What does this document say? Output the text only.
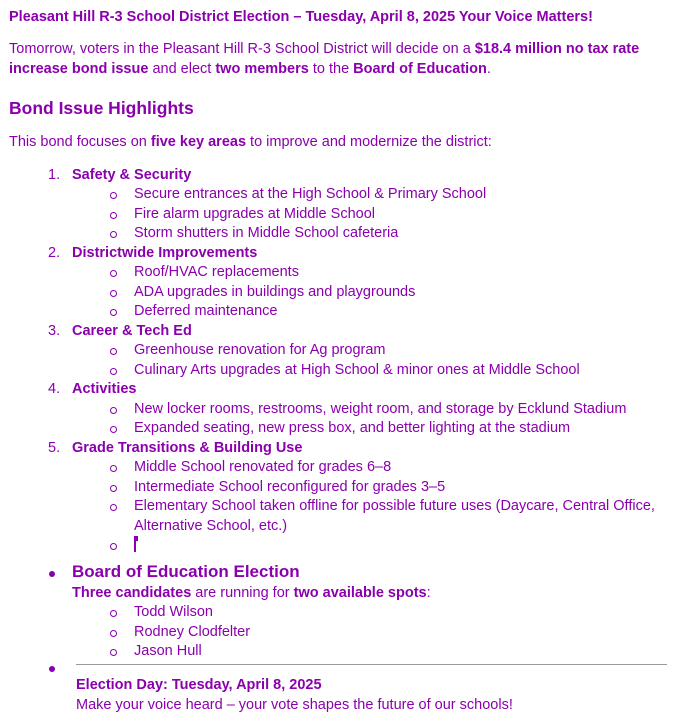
Pleasant Hill R-3 School District Election – Tuesday, April 8, 2025 Your Voice Matters!

Tomorrow, voters in the Pleasant Hill R-3 School District will decide on a $18.4 million no tax rate increase bond issue and elect two members to the Board of Education.

Bond Issue Highlights

This bond focuses on five key areas to improve and modernize the district:

1. Safety & Security
Secure entrances at the High School & Primary School
Fire alarm upgrades at Middle School
Storm shutters in Middle School cafeteria
2. Districtwide Improvements
Roof/HVAC replacements
ADA upgrades in buildings and playgrounds
Deferred maintenance
3. Career & Tech Ed
Greenhouse renovation for Ag program
Culinary Arts upgrades at High School & minor ones at Middle School
4. Activities
New locker rooms, restrooms, weight room, and storage by Ecklund Stadium
Expanded seating, new press box, and better lighting at the stadium
5. Grade Transitions & Building Use
Middle School renovated for grades 6–8
Intermediate School reconfigured for grades 3–5
Elementary School taken offline for possible future uses (Daycare, Central Office, Alternative School, etc.)

Board of Education Election

Three candidates are running for two available spots:

Todd Wilson
Rodney Clodfelter
Jason Hull

Election Day: Tuesday, April 8, 2025

Make your voice heard – your vote shapes the future of our schools!
